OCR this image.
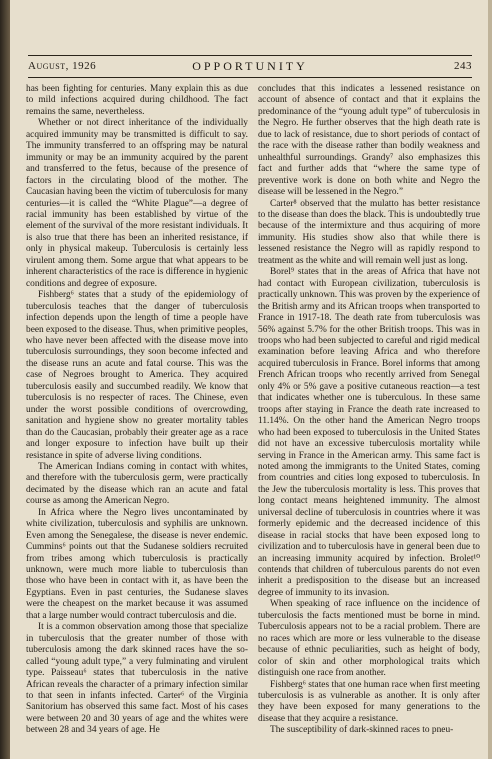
August, 1926	OPPORTUNITY	243

has been fighting for centuries. Many explain this as due to mild infections acquired during childhood. The fact remains the same, nevertheless.

Whether or not direct inheritance of the individually acquired immunity may be transmitted is difficult to say. The immunity transferred to an offspring may be natural immunity or may be an immunity acquired by the parent and transferred to the fetus, because of the presence of factors in the circulating blood of the mother. The Caucasian having been the victim of tuberculosis for many centuries—it is called the “White Plague”—a degree of racial immunity has been established by virtue of the element of the survival of the more resistant individuals. It is also true that there has been an inherited resistance, if only in physical makeup. Tuberculosis is certainly less virulent among them. Some argue that what appears to be inherent characteristics of the race is difference in hygienic conditions and degree of exposure.

Fishberg⁶ states that a study of the epidemiology of tuberculosis teaches that the danger of tuberculosis infection depends upon the length of time a people have been exposed to the disease. Thus, when primitive peoples, who have never been affected with the disease move into tuberculosis surroundings, they soon become infected and the disease runs an acute and fatal course. This was the case of Negroes brought to America. They acquired tuberculosis easily and succumbed readily. We know that tuberculosis is no respecter of races. The Chinese, even under the worst possible conditions of overcrowding, sanitation and hygiene show no greater mortality tables than do the Caucasian, probably their greater age as a race and longer exposure to infection have built up their resistance in spite of adverse living conditions.

The American Indians coming in contact with whites, and therefore with the tuberculosis germ, were practically decimated by the disease which ran an acute and fatal course as among the American Negro.

In Africa where the Negro lives uncontaminated by white civilization, tuberculosis and syphilis are unknown. Even among the Senegalese, the disease is never endemic. Cummins⁶ points out that the Sudanese soldiers recruited from tribes among which tuberculosis is practically unknown, were much more liable to tuberculosis than those who have been in contact with it, as have been the Egyptians. Even in past centuries, the Sudanese slaves were the cheapest on the market because it was assumed that a large number would contract tuberculosis and die.

It is a common observation among those that specialize in tuberculosis that the greater number of those with tuberculosis among the dark skinned races have the so-called “young adult type,” a very fulminating and virulent type. Paisseau⁶ states that tuberculosis in the native African reveals the character of a primary infection similar to that seen in infants infected. Carter⁶ of the Virginia Sanitorium has observed this same fact. Most of his cases were between 20 and 30 years of age and the whites were between 28 and 34 years of age. He

concludes that this indicates a lessened resistance on account of absence of contact and that it explains the predominance of the “young adult type” of tuberculosis in the Negro. He further observes that the high death rate is due to lack of resistance, due to short periods of contact of the race with the disease rather than bodily weakness and unhealthful surroundings. Grandy⁷ also emphasizes this fact and further adds that “where the same type of preventive work is done on both white and Negro the disease will be lessened in the Negro.”

Carter⁸ observed that the mulatto has better resistance to the disease than does the black. This is undoubtedly true because of the intermixture and thus acquiring of more immunity. His studies show also that while there is lessened resistance the Negro will as rapidly respond to treatment as the white and will remain well just as long.

Borel⁹ states that in the areas of Africa that have not had contact with European civilization, tuberculosis is practically unknown. This was proven by the experience of the British army and its African troops when transported to France in 1917-18. The death rate from tuberculosis was 56% against 5.7% for the other British troops. This was in troops who had been subjected to careful and rigid medical examination before leaving Africa and who therefore acquired tuberculosis in France. Borel informs that among French African troops who recently arrived from Senegal only 4% or 5% gave a positive cutaneous reaction—a test that indicates whether one is tuberculous. In these same troops after staying in France the death rate increased to 11.14%. On the other hand the American Negro troops who had been exposed to tuberculosis in the United States did not have an excessive tuberculosis mortality while serving in France in the American army. This same fact is noted among the immigrants to the United States, coming from countries and cities long exposed to tuberculosis. In the Jew the tuberculosis mortality is less. This proves that long contact means heightened immunity. The almost universal decline of tuberculosis in countries where it was formerly epidemic and the decreased incidence of this disease in racial stocks that have been exposed long to civilization and to tuberculosis have in general been due to an increasing immunity acquired by infection. Brolet¹⁰ contends that children of tuberculous parents do not even inherit a predisposition to the disease but an increased degree of immunity to its invasion.

When speaking of race influence on the incidence of tuberculosis the facts mentioned must be borne in mind. Tuberculosis appears not to be a racial problem. There are no races which are more or less vulnerable to the disease because of ethnic peculiarities, such as height of body, color of skin and other morphological traits which distinguish one race from another.

Fishberg⁶ states that one human race when first meeting tuberculosis is as vulnerable as another. It is only after they have been exposed for many generations to the disease that they acquire a resistance.

The susceptibility of dark-skinned races to pneu-
